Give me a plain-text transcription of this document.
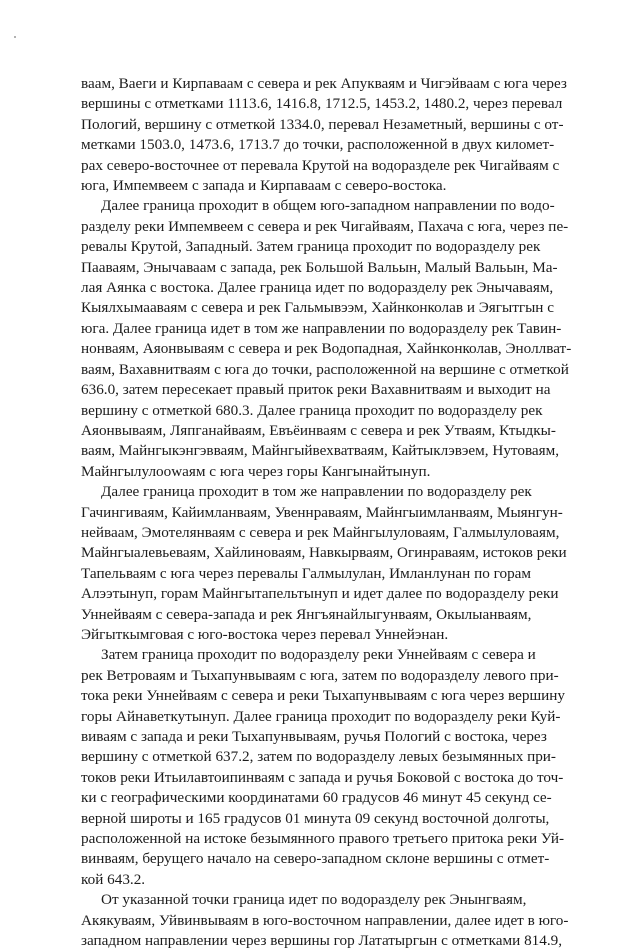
ваам, Ваеги и Кирпаваам с севера и рек Апукваям и Чигэйваам с юга через
вершины с отметками 1113.6, 1416.8, 1712.5, 1453.2, 1480.2, через перевал
Пологий, вершину с отметкой 1334.0, перевал Незаметный, вершины с от-
метками 1503.0, 1473.6, 1713.7 до точки, расположенной в двух километ-
рах северо-восточнее от перевала Крутой на водоразделе рек Чигайваям с
юга, Импемвеем с запада и Кирпаваам с северо-востока.

Далее граница проходит в общем юго-западном направлении по водо-
разделу реки Импемвеем с севера и рек Чигайваям, Пахача с юга, через пе-
ревалы Крутой, Западный. Затем граница проходит по водоразделу рек
Пааваям, Энычаваам с запада, рек Большой Вальын, Малый Вальын, Ма-
лая Аянка с востока. Далее граница идет по водоразделу рек Энычаваям,
Кыялхымааваям с севера и рек Гальмывээм, Хайнконколав и Эягытгын с
юга. Далее граница идет в том же направлении по водоразделу рек Тавин-
нонваям, Аяонвываям с севера и рек Водопадная, Хайнконколав, Эноллват-
ваям, Вахавнитваям с юга до точки, расположенной на вершине с отметкой
636.0, затем пересекает правый приток реки Вахавнитваям и выходит на
вершину с отметкой 680.3. Далее граница проходит по водоразделу рек
Аяонвываям, Ляпганайваям, Евъёинваям с севера и рек Утваям, Ктыдкы-
ваям, Майнгыкэнгэвваям, Майнгыйвехватваям, Кайтыклэвэем, Нутоваям,
Майнгылулоowaям с юга через горы Кангынайтынуп.

Далее граница проходит в том же направлении по водоразделу рек
Гачингиваям, Кайимланваям, Увеннраваям, Майнгыимланваям, Мыянгун-
нейваам, Эмотелянваям с севера и рек Майнгылуловаям, Галмылуловаям,
Майнгыалевьеваям, Хайлиноваям, Навкырваям, Огинраваям, истоков реки
Тапельваям с юга через перевалы Галмылулан, Имланлунан по горам
Алээтынуп, горам Майнгытапельтынуп и идет далее по водоразделу реки
Уннейваям с севера-запада и рек Янгъянайлыгунваям, Окылыанваям,
Эйгыткымговая с юго-востока через перевал Уннейэнан.

Затем граница проходит по водоразделу реки Уннейваям с севера и
рек Ветроваям и Тыхапунвываям с юга, затем по водоразделу левого при-
тока реки Уннейваям с севера и реки Тыхапунвываям с юга через вершину
горы Айнаветкутынуп. Далее граница проходит по водоразделу реки Куй-
виваям с запада и реки Тыхапунвываям, ручья Пологий с востока, через
вершину с отметкой 637.2, затем по водоразделу левых безымянных при-
токов реки Итьилавтоипинваям с запада и ручья Боковой с востока до точ-
ки с географическими координатами 60 градусов 46 минут 45 секунд се-
верной широты и 165 градусов 01 минута 09 секунд восточной долготы,
расположенной на истоке безымянного правого третьего притока реки Уй-
винваям, берущего начало на северо-западном склоне вершины с отмет-
кой 643.2.

От указанной точки граница идет по водоразделу рек Энынгваям,
Акякуваям, Уйвинвываям в юго-восточном направлении, далее идет в юго-
западном направлении через вершины гор Лататыргын с отметками 814.9,
